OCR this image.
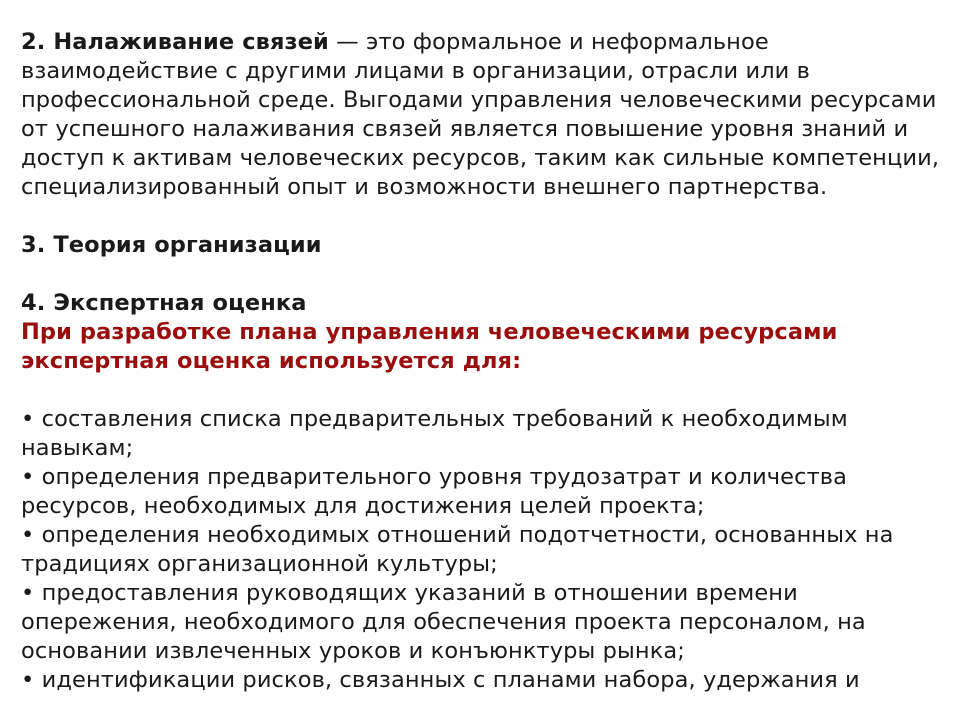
2. Налаживание связей — это формальное и неформальное взаимодействие с другими лицами в организации, отрасли или в профессиональной среде. Выгодами управления человеческими ресурсами от успешного налаживания связей является повышение уровня знаний и доступ к активам человеческих ресурсов, таким как сильные компетенции, специализированный опыт и возможности внешнего партнерства.

3. Теория организации

4. Экспертная оценка

При разработке плана управления человеческими ресурсами экспертная оценка используется для:

• составления списка предварительных требований к необходимым навыкам;

• определения предварительного уровня трудозатрат и количества ресурсов, необходимых для достижения целей проекта;

• определения необходимых отношений подотчетности, основанных на традициях организационной культуры;

• предоставления руководящих указаний в отношении времени опережения, необходимого для обеспечения проекта персоналом, на основании извлеченных уроков и конъюнктуры рынка;

• идентификации рисков, связанных с планами набора, удержания и
